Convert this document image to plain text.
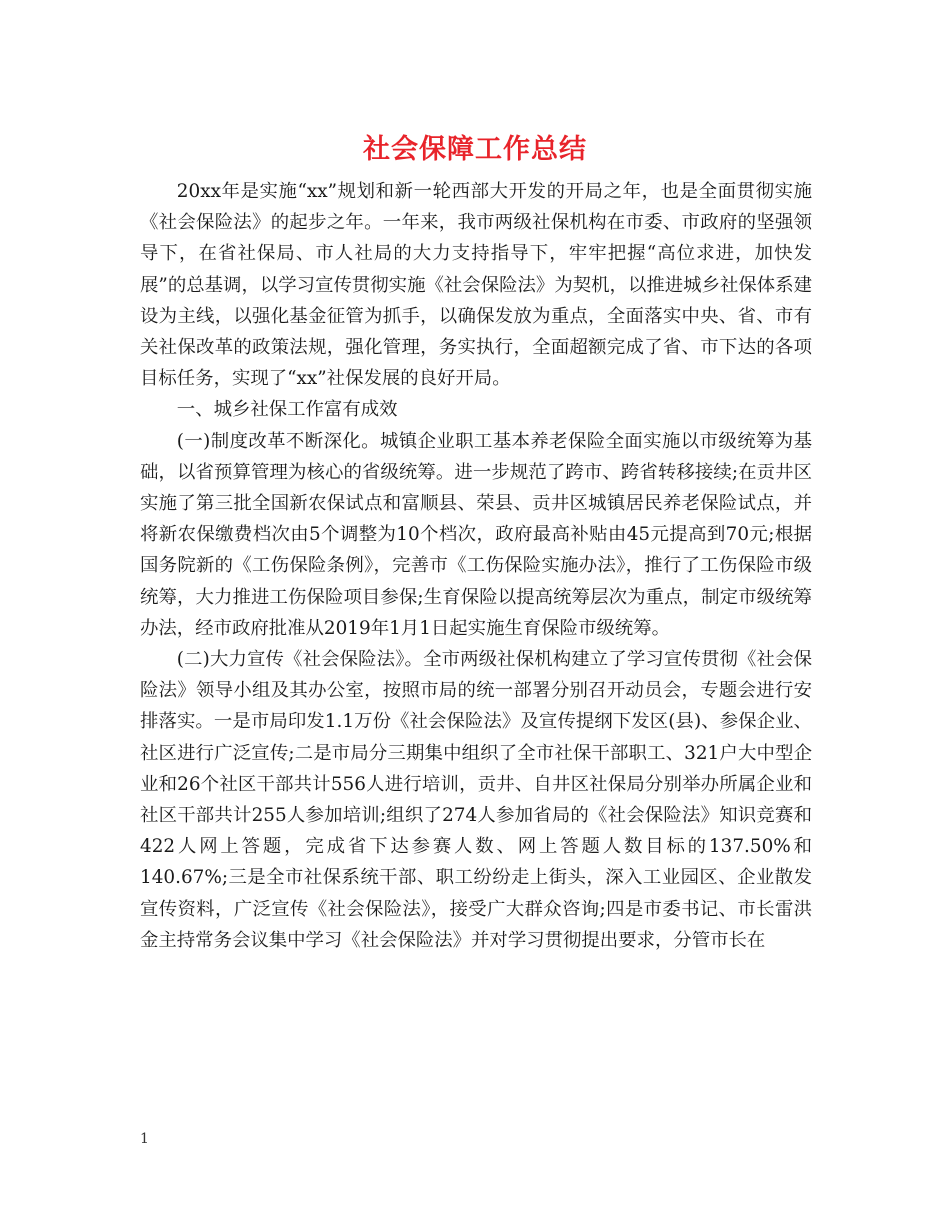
社会保障工作总结

20xx年是实施“xx”规划和新一轮西部大开发的开局之年，也是全面贯彻实施《社会保险法》的起步之年。一年来，我市两级社保机构在市委、市政府的坚强领导下，在省社保局、市人社局的大力支持指导下，牢牢把握“高位求进，加快发展”的总基调，以学习宣传贯彻实施《社会保险法》为契机，以推进城乡社保体系建设为主线，以强化基金征管为抓手，以确保发放为重点，全面落实中央、省、市有关社保改革的政策法规，强化管理，务实执行，全面超额完成了省、市下达的各项目标任务，实现了“xx”社保发展的良好开局。

一、城乡社保工作富有成效

(一)制度改革不断深化。城镇企业职工基本养老保险全面实施以市级统筹为基础，以省预算管理为核心的省级统筹。进一步规范了跨市、跨省转移接续;在贡井区实施了第三批全国新农保试点和富顺县、荣县、贡井区城镇居民养老保险试点，并将新农保缴费档次由5个调整为10个档次，政府最高补贴由45元提高到70元;根据国务院新的《工伤保险条例》，完善市《工伤保险实施办法》，推行了工伤保险市级统筹，大力推进工伤保险项目参保;生育保险以提高统筹层次为重点，制定市级统筹办法，经市政府批准从2019年1月1日起实施生育保险市级统筹。

(二)大力宣传《社会保险法》。全市两级社保机构建立了学习宣传贯彻《社会保险法》领导小组及其办公室，按照市局的统一部署分别召开动员会，专题会进行安排落实。一是市局印发1.1万份《社会保险法》及宣传提纲下发区(县)、参保企业、社区进行广泛宣传;二是市局分三期集中组织了全市社保干部职工、321户大中型企业和26个社区干部共计556人进行培训，贡井、自井区社保局分别举办所属企业和社区干部共计255人参加培训;组织了274人参加省局的《社会保险法》知识竞赛和422人网上答题，完成省下达参赛人数、网上答题人数目标的137.50%和140.67%;三是全市社保系统干部、职工纷纷走上街头，深入工业园区、企业散发宣传资料，广泛宣传《社会保险法》，接受广大群众咨询;四是市委书记、市长雷洪金主持常务会议集中学习《社会保险法》并对学习贯彻提出要求，分管市长在

1
